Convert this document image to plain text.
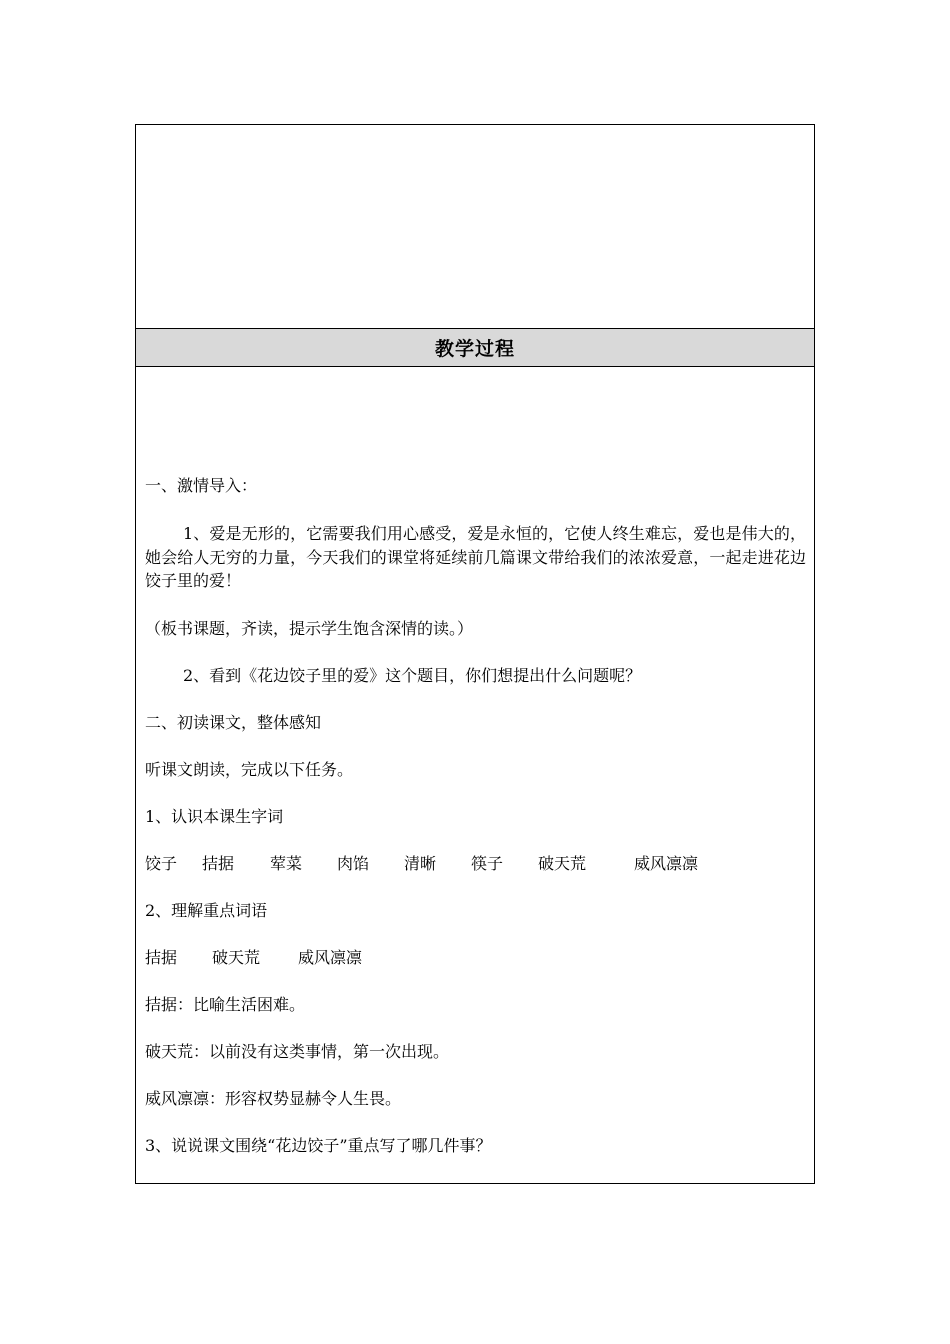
教学过程

一、激情导入：

1、爱是无形的，它需要我们用心感受，爱是永恒的，它使人终生难忘，爱也是伟大的，她会给人无穷的力量，今天我们的课堂将延续前几篇课文带给我们的浓浓爱意，一起走进花边饺子里的爱！

（板书课题，齐读，提示学生饱含深情的读。）

2、看到《花边饺子里的爱》这个题目，你们想提出什么问题呢？

二、初读课文，整体感知

听课文朗读，完成以下任务。

1、认识本课生字词

饺子 拮据 荤菜 肉馅 清晰 筷子 破天荒	威风凛凛

2、理解重点词语

拮据 破天荒 威风凛凛

拮据：比喻生活困难。

破天荒：以前没有这类事情，第一次出现。

威风凛凛：形容权势显赫令人生畏。

3、说说课文围绕“花边饺子”重点写了哪几件事？
